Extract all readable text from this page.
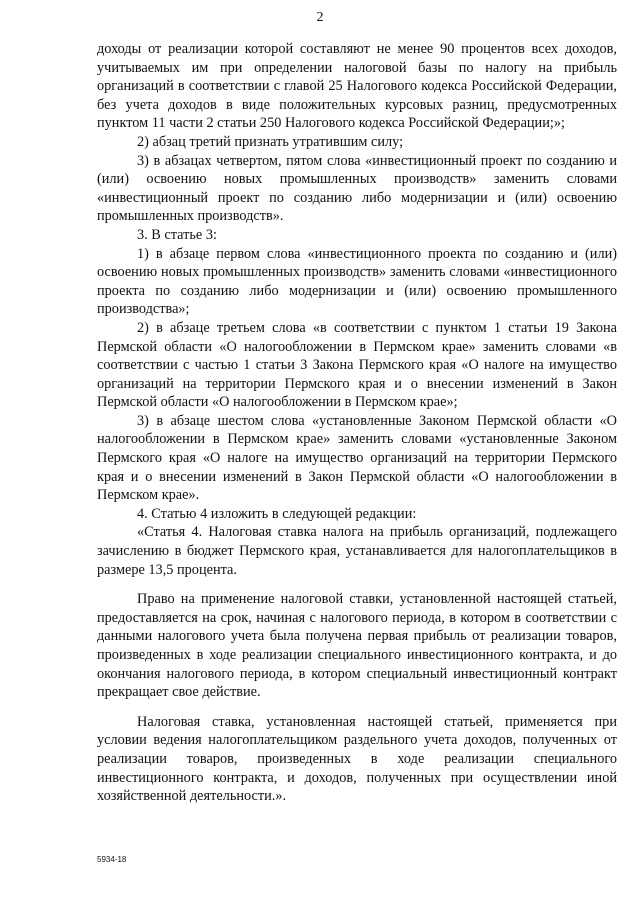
2

доходы от реализации которой составляют не менее 90 процентов всех доходов, учитываемых им при определении налоговой базы по налогу на прибыль организаций в соответствии с главой 25 Налогового кодекса Российской Федерации, без учета доходов в виде положительных курсовых разниц, предусмотренных пунктом 11 части 2 статьи 250 Налогового кодекса Российской Федерации;»;

2) абзац третий признать утратившим силу;

3) в абзацах четвертом, пятом слова «инвестиционный проект по созданию и (или) освоению новых промышленных производств» заменить словами «инвестиционный проект по созданию либо модернизации и (или) освоению промышленных производств».

3. В статье 3:

1) в абзаце первом слова «инвестиционного проекта по созданию и (или) освоению новых промышленных производств» заменить словами «инвестиционного проекта по созданию либо модернизации и (или) освоению промышленного производства»;

2) в абзаце третьем слова «в соответствии с пунктом 1 статьи 19 Закона Пермской области «О налогообложении в Пермском крае» заменить словами «в соответствии с частью 1 статьи 3 Закона Пермского края «О налоге на имущество организаций на территории Пермского края и о внесении изменений в Закон Пермской области «О налогообложении в Пермском крае»;

3) в абзаце шестом слова «установленные Законом Пермской области «О налогообложении в Пермском крае» заменить словами «установленные Законом Пермского края «О налоге на имущество организаций на территории Пермского края и о внесении изменений в Закон Пермской области «О налогообложении в Пермском крае».

4. Статью 4 изложить в следующей редакции:

«Статья 4. Налоговая ставка налога на прибыль организаций, подлежащего зачислению в бюджет Пермского края, устанавливается для налогоплательщиков в размере 13,5 процента.

Право на применение налоговой ставки, установленной настоящей статьей, предоставляется на срок, начиная с налогового периода, в котором в соответствии с данными налогового учета была получена первая прибыль от реализации товаров, произведенных в ходе реализации специального инвестиционного контракта, и до окончания налогового периода, в котором специальный инвестиционный контракт прекращает свое действие.

Налоговая ставка, установленная настоящей статьей, применяется при условии ведения налогоплательщиком раздельного учета доходов, полученных от реализации товаров, произведенных в ходе реализации специального инвестиционного контракта, и доходов, полученных при осуществлении иной хозяйственной деятельности.».

5934-18
